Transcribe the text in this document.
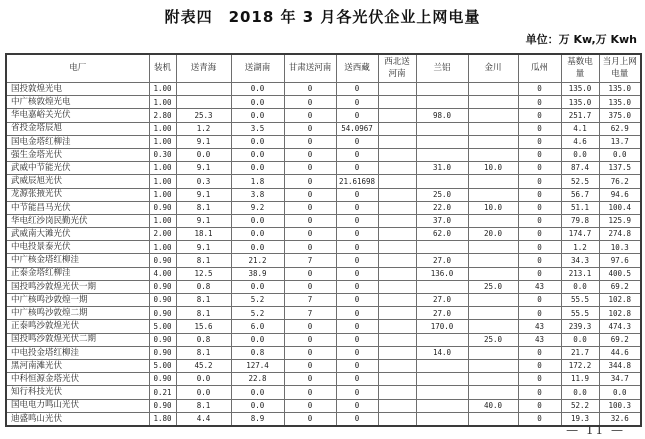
附表四　2018 年 3 月各光伏企业上网电量
单位：万 Kw,万 Kwh
电厂	装机	送青海	送湖南	甘肃送河南	送西藏	西北送河南	兰铝	金川	瓜州	基数电量	当月上网电量
国投敦煌光电	1.00		0.0	0	0				0	135.0	135.0
中广核敦煌光电	1.00		0.0	0	0				0	135.0	135.0
华电嘉峪关光伏	2.80	25.3	0.0	0	0		98.0		0	251.7	375.0
省投金塔辰旭	1.00	1.2	3.5	0	54.0967				0	4.1	62.9
国电金塔红柳洼	1.00	9.1	0.0	0	0				0	4.6	13.7
强生金塔光伏	0.30	0.0	0.0	0	0				0	0.0	0.0
武威中节能光伏	1.00	9.1	0.0	0	0		31.0	10.0	0	87.4	137.5
武威辰旭光伏	1.00	0.3	1.8	0	21.61698				0	52.5	76.2
龙源张掖光伏	1.00	9.1	3.8	0	0		25.0		0	56.7	94.6
中节能昌马光伏	0.90	8.1	9.2	0	0		22.0	10.0	0	51.1	100.4
华电红沙岗民勤光伏	1.00	9.1	0.0	0	0		37.0		0	79.8	125.9
武威南大滩光伏	2.00	18.1	0.0	0	0		62.0	20.0	0	174.7	274.8
中电投景泰光伏	1.00	9.1	0.0	0	0				0	1.2	10.3
中广核金塔红柳洼	0.90	8.1	21.2	7	0		27.0		0	34.3	97.6
正泰金塔红柳洼	4.00	12.5	38.9	0	0		136.0		0	213.1	400.5
国投鸣沙敦煌光伏一期	0.90	0.8	0.0	0	0			25.0	43	0.0	69.2
中广核鸣沙敦煌一期	0.90	8.1	5.2	7	0		27.0		0	55.5	102.8
中广核鸣沙敦煌二期	0.90	8.1	5.2	7	0		27.0		0	55.5	102.8
正泰鸣沙敦煌光伏	5.00	15.6	6.0	0	0		170.0		43	239.3	474.3
国投鸣沙敦煌光伏二期	0.90	0.8	0.0	0	0			25.0	43	0.0	69.2
中电投金塔红柳洼	0.90	8.1	0.8	0	0		14.0		0	21.7	44.6
黑河南滩光伏	5.00	45.2	127.4	0	0				0	172.2	344.8
中科恒源金塔光伏	0.90	0.0	22.8	0	0				0	11.9	34.7
知行科技光伏	0.21	0.0	0.0	0	0				0	0.0	0.0
国电电力鸣山光伏	0.90	8.1	0.0	0	0			40.0	0	52.2	100.3
迪盛鸣山光伏	1.80	4.4	8.9	0	0				0	19.3	32.6
— 11 —
